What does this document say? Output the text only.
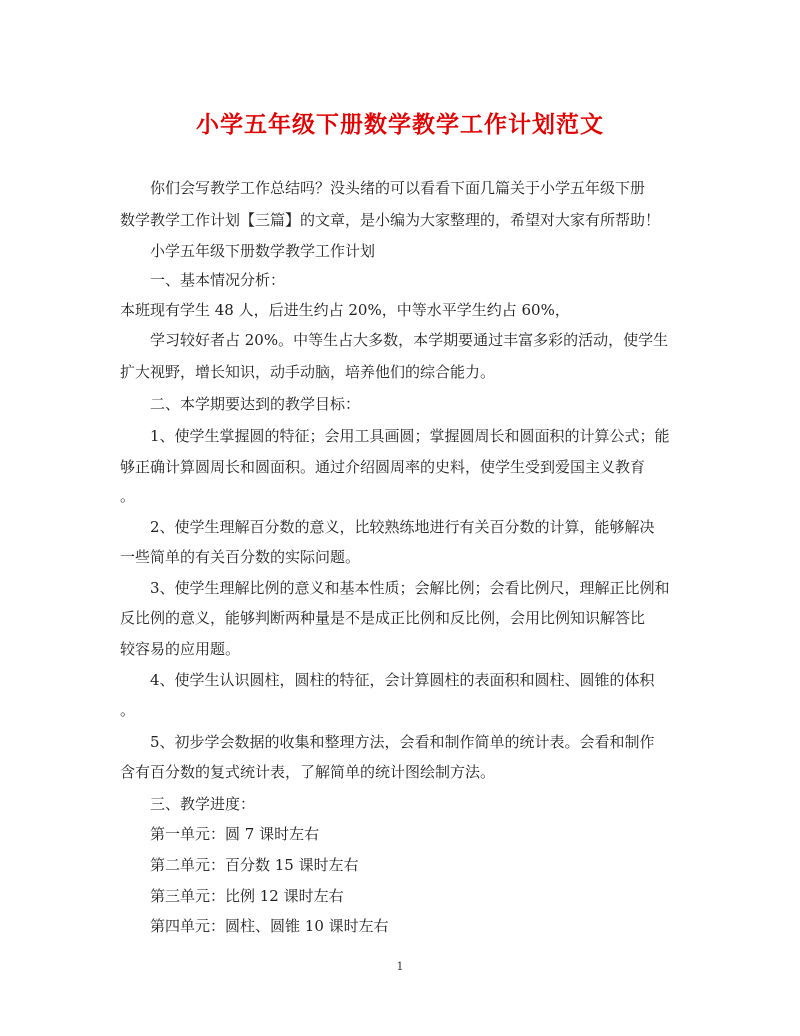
小学五年级下册数学教学工作计划范文

你们会写教学工作总结吗？没头绪的可以看看下面几篇关于小学五年级下册

数学教学工作计划【三篇】的文章，是小编为大家整理的，希望对大家有所帮助！

小学五年级下册数学教学工作计划

一、基本情况分析：

本班现有学生 48 人，后进生约占 20%，中等水平学生约占 60%，

学习较好者占 20%。中等生占大多数，本学期要通过丰富多彩的活动，使学生

扩大视野，增长知识，动手动脑，培养他们的综合能力。

二、本学期要达到的教学目标：

1、使学生掌握圆的特征；会用工具画圆；掌握圆周长和圆面积的计算公式；能

够正确计算圆周长和圆面积。通过介绍圆周率的史料，使学生受到爱国主义教育

。

2、使学生理解百分数的意义，比较熟练地进行有关百分数的计算，能够解决

一些简单的有关百分数的实际问题。

3、使学生理解比例的意义和基本性质；会解比例；会看比例尺，理解正比例和

反比例的意义，能够判断两种量是不是成正比例和反比例，会用比例知识解答比

较容易的应用题。

4、使学生认识圆柱，圆柱的特征，会计算圆柱的表面积和圆柱、圆锥的体积

。

5、初步学会数据的收集和整理方法，会看和制作简单的统计表。会看和制作

含有百分数的复式统计表，了解简单的统计图绘制方法。

三、教学进度：

第一单元：圆 7 课时左右

第二单元：百分数 15 课时左右

第三单元：比例 12 课时左右

第四单元：圆柱、圆锥 10 课时左右

1
